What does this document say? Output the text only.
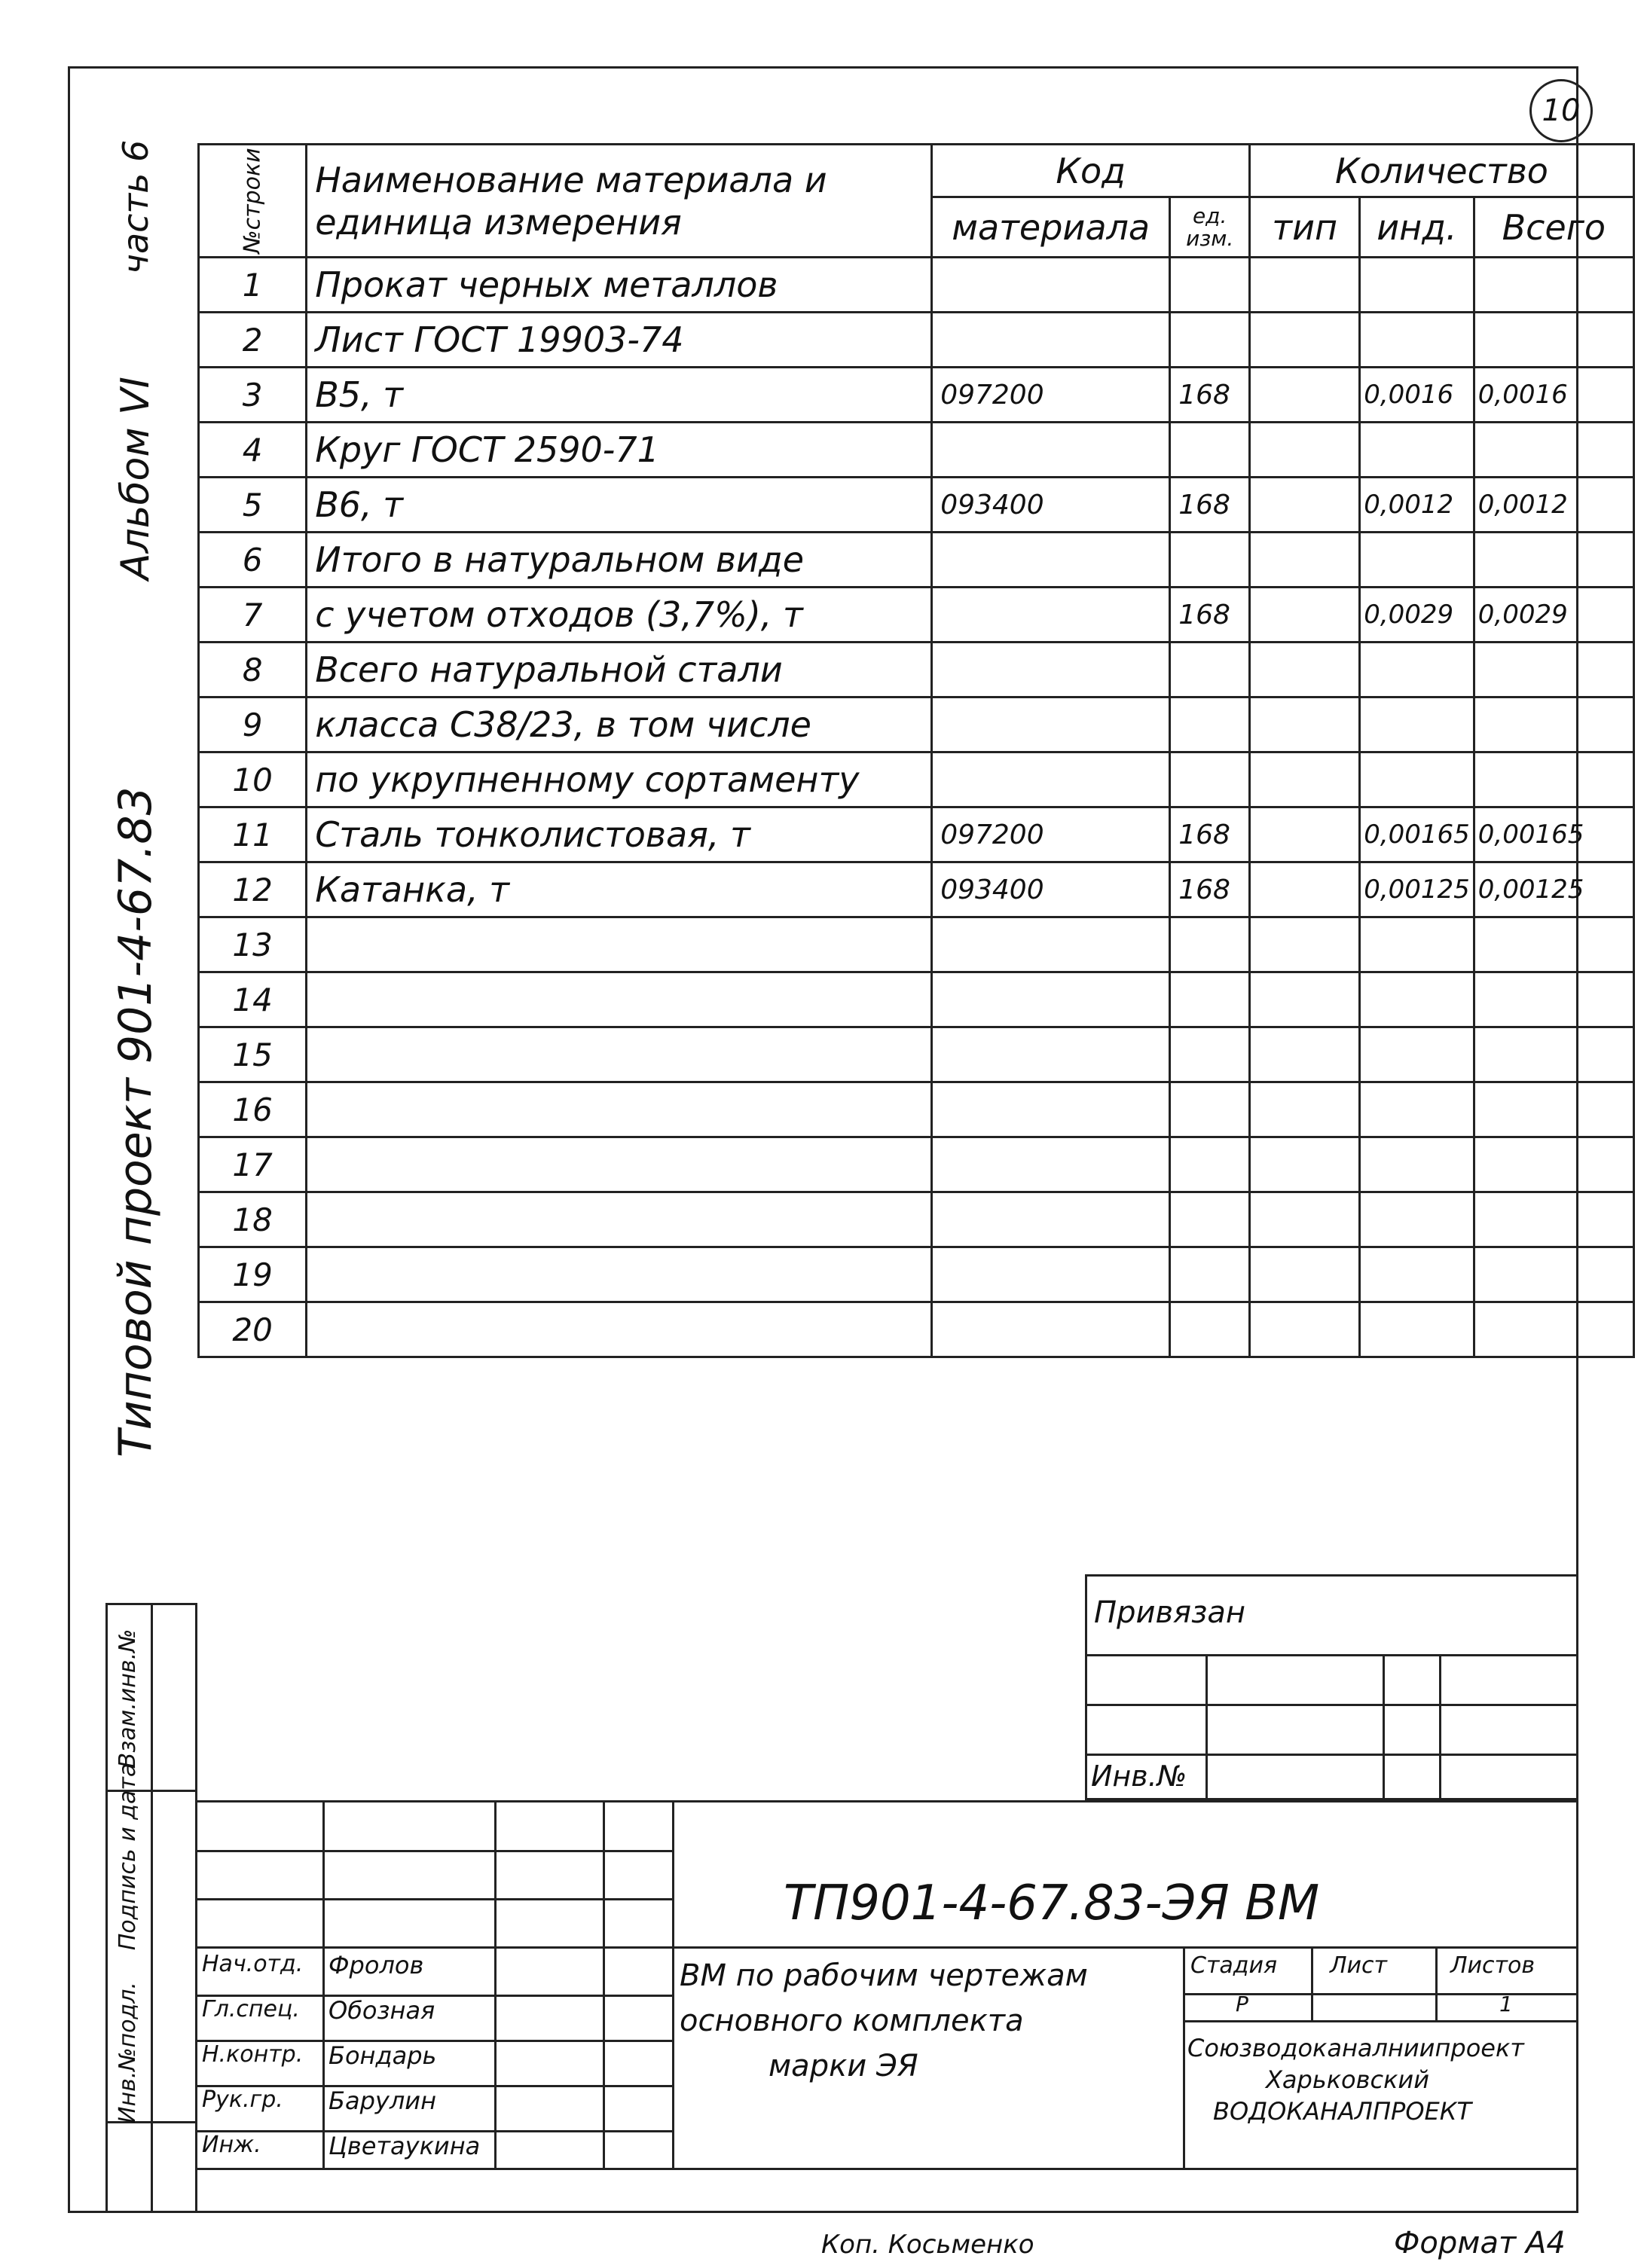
10
часть 6
Альбом VI
Типовой проект 901-4-67.83
№строки	Наименование материала и единица измерения	Код		Количество		
		материала	ед. изм.	тип	инд.	Всего
1	Прокат черных металлов					
2	Лист ГОСТ 19903-74					
3	В5, т	097200	168		0,0016	0,0016
4	Круг ГОСТ 2590-71					
5	В6, т	093400	168		0,0012	0,0012
6	Итого в натуральном виде					
7	с учетом отходов (3,7%), т		168		0,0029	0,0029
8	Всего натуральной стали					
9	класса С38/23, в том числе					
10	по укрупненному сортаменту					
11	Сталь тонколистовая, т	097200	168		0,00165	0,00165
12	Катанка, т	093400	168		0,00125	0,00125
13						
14						
15						
16						
17						
18						
19						
20						
Взам.инв.№
Подпись и дата
Инв.№подл.
Привязан
Инв.№
ТП901-4-67.83-ЭЯ ВМ
ВМ по рабочим чертежам
основного комплекта
марки ЭЯ
Стадия Лист	Листов
Р	1
Союзводоканалниипроект
Харьковский
ВОДОКАНАЛПРОЕКТ
Нач.отд. Фролов
Гл.спец. Обозная
Н.контр. Бондарь
Рук.гр. Барулин
Инж.	Цветаукина
Коп. Косьменко	Формат А4
